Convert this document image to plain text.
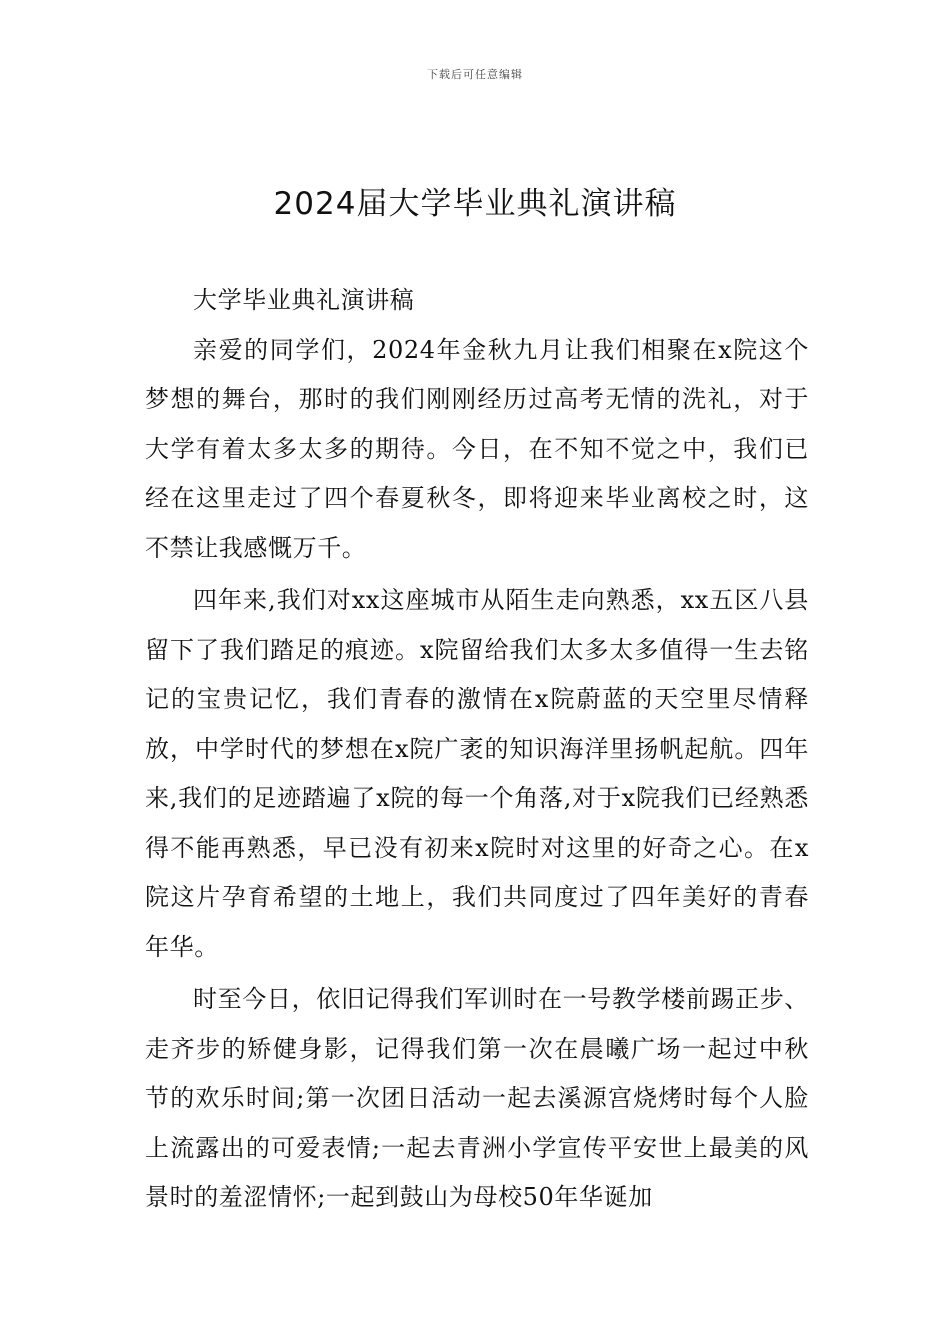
下载后可任意编辑
2024届大学毕业典礼演讲稿

大学毕业典礼演讲稿

亲爱的同学们，2024年金秋九月让我们相聚在x院这个梦想的舞台，那时的我们刚刚经历过高考无情的洗礼，对于大学有着太多太多的期待。今日，在不知不觉之中，我们已经在这里走过了四个春夏秋冬，即将迎来毕业离校之时，这不禁让我感慨万千。

四年来,我们对xx这座城市从陌生走向熟悉，xx五区八县留下了我们踏足的痕迹。x院留给我们太多太多值得一生去铭记的宝贵记忆，我们青春的激情在x院蔚蓝的天空里尽情释放，中学时代的梦想在x院广袤的知识海洋里扬帆起航。四年来,我们的足迹踏遍了x院的每一个角落,对于x院我们已经熟悉得不能再熟悉，早已没有初来x院时对这里的好奇之心。在x院这片孕育希望的土地上，我们共同度过了四年美好的青春年华。

时至今日，依旧记得我们军训时在一号教学楼前踢正步、走齐步的矫健身影，记得我们第一次在晨曦广场一起过中秋节的欢乐时间;第一次团日活动一起去溪源宫烧烤时每个人脸上流露出的可爱表情;一起去青洲小学宣传平安世上最美的风景时的羞涩情怀;一起到鼓山为母校50年华诞加
